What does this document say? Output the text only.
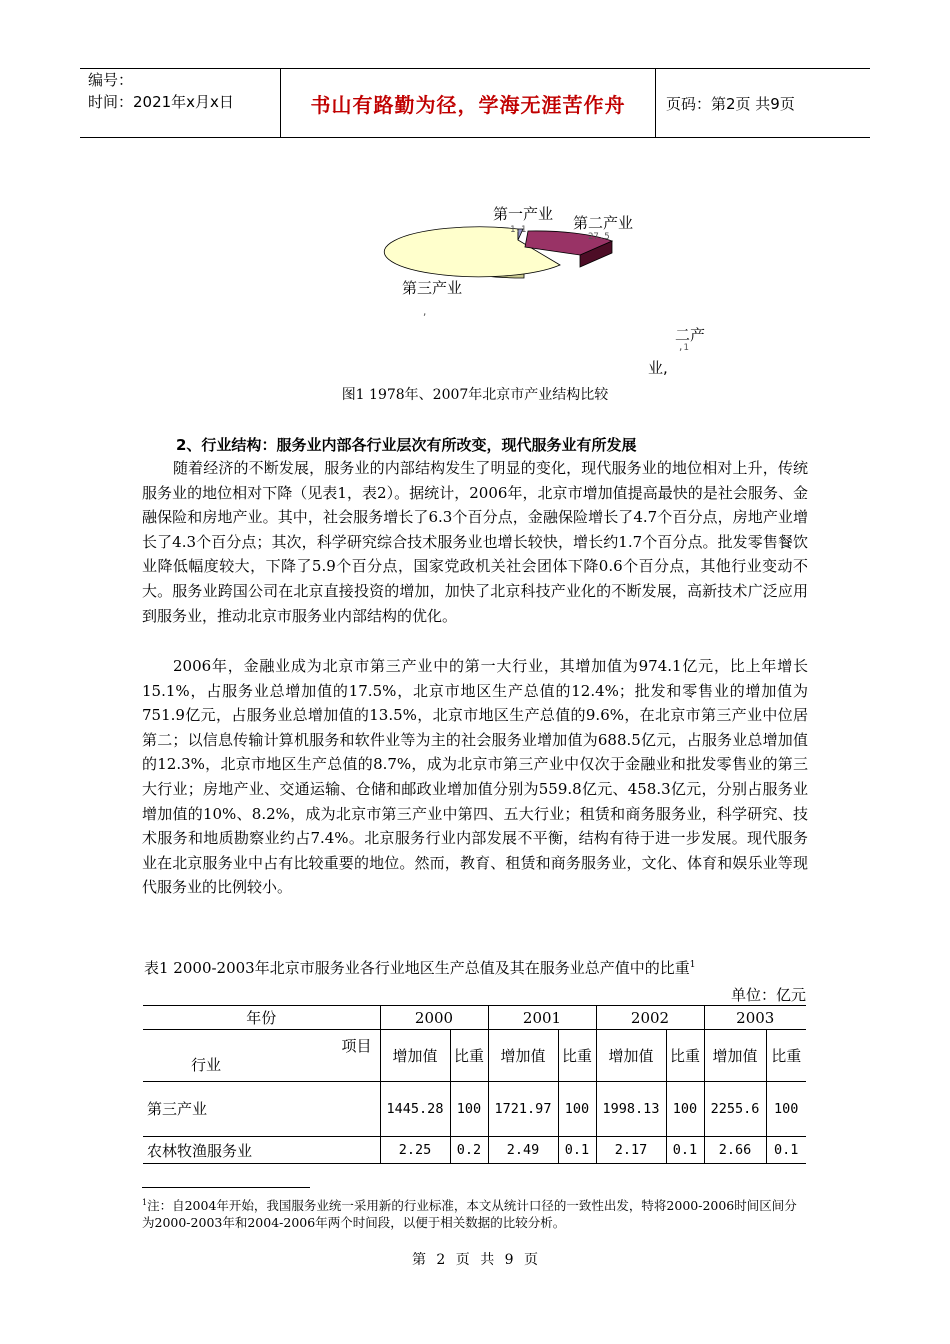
编号：
时间：2021年x月x日	书山有路勤为径，学海无涯苦作舟	页码：第2页 共9页
第一产业
1.1	第二产业
27.5
第三产业
,
二产
,1
业,
图1 1978年、2007年北京市产业结构比较
2、行业结构：服务业内部各行业层次有所改变，现代服务业有所发展

随着经济的不断发展，服务业的内部结构发生了明显的变化，现代服务业的地位相对上升，传统服务业的地位相对下降（见表1，表2）。据统计，2006年，北京市增加值提高最快的是社会服务、金融保险和房地产业。其中，社会服务增长了6.3个百分点，金融保险增长了4.7个百分点，房地产业增长了4.3个百分点；其次，科学研究综合技术服务业也增长较快，增长约1.7个百分点。批发零售餐饮业降低幅度较大，下降了5.9个百分点，国家党政机关社会团体下降0.6个百分点，其他行业变动不大。服务业跨国公司在北京直接投资的增加，加快了北京科技产业化的不断发展，高新技术广泛应用到服务业，推动北京市服务业内部结构的优化。

2006年，金融业成为北京市第三产业中的第一大行业，其增加值为974.1亿元，比上年增长15.1%，占服务业总增加值的17.5%，北京市地区生产总值的12.4%；批发和零售业的增加值为751.9亿元，占服务业总增加值的13.5%，北京市地区生产总值的9.6%，在北京市第三产业中位居第二；以信息传输计算机服务和软件业等为主的社会服务业增加值为688.5亿元，占服务业总增加值的12.3%，北京市地区生产总值的8.7%，成为北京市第三产业中仅次于金融业和批发零售业的第三大行业；房地产业、交通运输、仓储和邮政业增加值分别为559.8亿元、458.3亿元，分别占服务业增加值的10%、8.2%，成为北京市第三产业中第四、五大行业；租赁和商务服务业，科学研究、技术服务和地质勘察业约占7.4%。北京服务行业内部发展不平衡，结构有待于进一步发展。现代服务业在北京服务业中占有比较重要的地位。然而，教育、租赁和商务服务业，文化、体育和娱乐业等现代服务业的比例较小。

表1 2000-2003年北京市服务业各行业地区生产总值及其在服务业总产值中的比重$^1$
单位：亿元
年份	2000		2001		2002		2003	

项目
行业	增加值	比重	增加值	比重	增加值	比重	增加值	比重
第三产业	1445.28	100	1721.97	100	1998.13	100	2255.6	100
农林牧渔服务业	2.25	0.2	2.49	0.1	2.17	0.1	2.66	0.1
$^1$注：自2004年开始，我国服务业统一采用新的行业标准，本文从统计口径的一致性出发，特将2000-2006时间区间分为2000-2003年和2004-2006年两个时间段，以便于相关数据的比较分析。
第 2 页 共 9 页
